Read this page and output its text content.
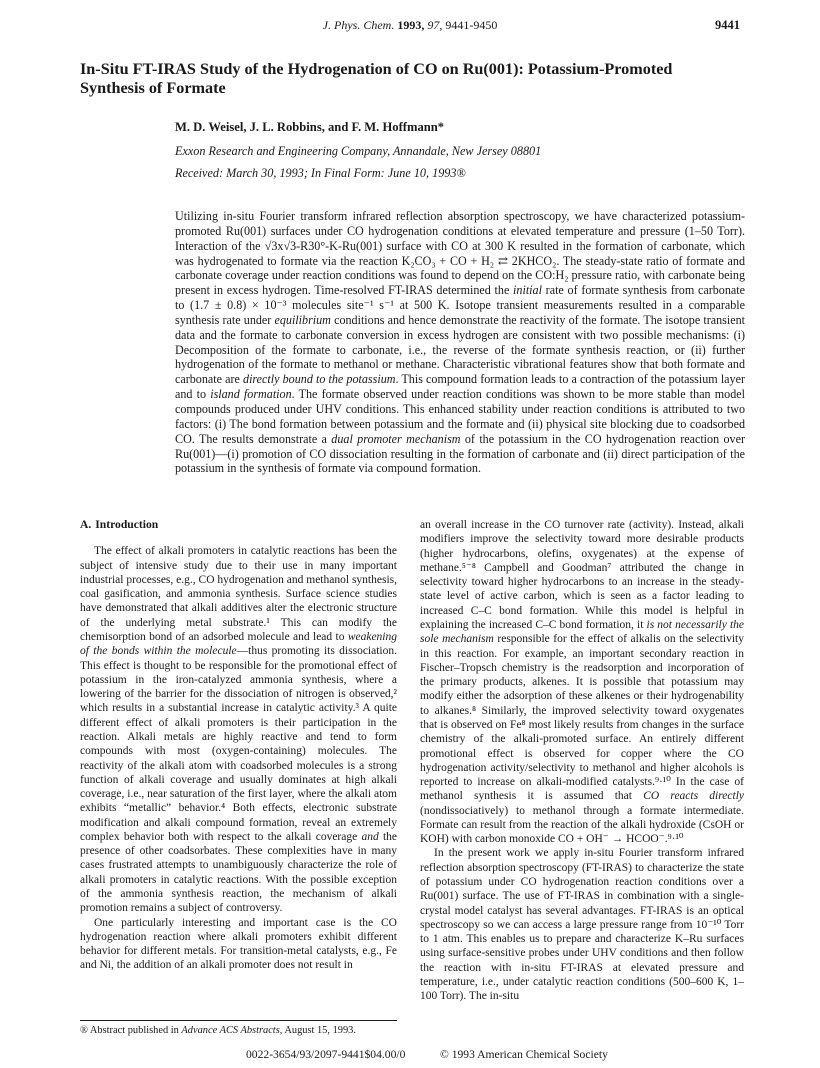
J. Phys. Chem. 1993, 97, 9441-9450	9441
In-Situ FT-IRAS Study of the Hydrogenation of CO on Ru(001): Potassium-Promoted Synthesis of Formate
M. D. Weisel, J. L. Robbins, and F. M. Hoffmann*
Exxon Research and Engineering Company, Annandale, New Jersey 08801
Received: March 30, 1993; In Final Form: June 10, 1993®

Utilizing in-situ Fourier transform infrared reflection absorption spectroscopy, we have characterized potassium-promoted Ru(001) surfaces under CO hydrogenation conditions at elevated temperature and pressure (1–50 Torr). Interaction of the √3x√3-R30°-K-Ru(001) surface with CO at 300 K resulted in the formation of carbonate, which was hydrogenated to formate via the reaction K₂CO₃ + CO + H₂ ⇄ 2KHCO₂. The steady-state ratio of formate and carbonate coverage under reaction conditions was found to depend on the CO:H₂ pressure ratio, with carbonate being present in excess hydrogen. Time-resolved FT-IRAS determined the initial rate of formate synthesis from carbonate to (1.7 ± 0.8) × 10⁻³ molecules site⁻¹ s⁻¹ at 500 K. Isotope transient measurements resulted in a comparable synthesis rate under equilibrium conditions and hence demonstrate the reactivity of the formate. The isotope transient data and the formate to carbonate conversion in excess hydrogen are consistent with two possible mechanisms: (i) Decomposition of the formate to carbonate, i.e., the reverse of the formate synthesis reaction, or (ii) further hydrogenation of the formate to methanol or methane. Characteristic vibrational features show that both formate and carbonate are directly bound to the potassium. This compound formation leads to a contraction of the potassium layer and to island formation. The formate observed under reaction conditions was shown to be more stable than model compounds produced under UHV conditions. This enhanced stability under reaction conditions is attributed to two factors: (i) The bond formation between potassium and the formate and (ii) physical site blocking due to coadsorbed CO. The results demonstrate a dual promoter mechanism of the potassium in the CO hydrogenation reaction over Ru(001)—(i) promotion of CO dissociation resulting in the formation of carbonate and (ii) direct participation of the potassium in the synthesis of formate via compound formation.

A. Introduction

The effect of alkali promoters in catalytic reactions has been the subject of intensive study due to their use in many important industrial processes, e.g., CO hydrogenation and methanol synthesis, coal gasification, and ammonia synthesis. Surface science studies have demonstrated that alkali additives alter the electronic structure of the underlying metal substrate.¹ This can modify the chemisorption bond of an adsorbed molecule and lead to weakening of the bonds within the molecule—thus promoting its dissociation. This effect is thought to be responsible for the promotional effect of potassium in the iron-catalyzed ammonia synthesis, where a lowering of the barrier for the dissociation of nitrogen is observed,² which results in a substantial increase in catalytic activity.³ A quite different effect of alkali promoters is their participation in the reaction. Alkali metals are highly reactive and tend to form compounds with most (oxygen-containing) molecules. The reactivity of the alkali atom with coadsorbed molecules is a strong function of alkali coverage and usually dominates at high alkali coverage, i.e., near saturation of the first layer, where the alkali atom exhibits “metallic” behavior.⁴ Both effects, electronic substrate modification and alkali compound formation, reveal an extremely complex behavior both with respect to the alkali coverage and the presence of other coadsorbates. These complexities have in many cases frustrated attempts to unambiguously characterize the role of alkali promoters in catalytic reactions. With the possible exception of the ammonia synthesis reaction, the mechanism of alkali promotion remains a subject of controversy.

One particularly interesting and important case is the CO hydrogenation reaction where alkali promoters exhibit different behavior for different metals. For transition-metal catalysts, e.g., Fe and Ni, the addition of an alkali promoter does not result in

an overall increase in the CO turnover rate (activity). Instead, alkali modifiers improve the selectivity toward more desirable products (higher hydrocarbons, olefins, oxygenates) at the expense of methane.⁵⁻⁸ Campbell and Goodman⁷ attributed the change in selectivity toward higher hydrocarbons to an increase in the steady-state level of active carbon, which is seen as a factor leading to increased C–C bond formation. While this model is helpful in explaining the increased C–C bond formation, it is not necessarily the sole mechanism responsible for the effect of alkalis on the selectivity in this reaction. For example, an important secondary reaction in Fischer–Tropsch chemistry is the readsorption and incorporation of the primary products, alkenes. It is possible that potassium may modify either the adsorption of these alkenes or their hydrogenability to alkanes.⁸ Similarly, the improved selectivity toward oxygenates that is observed on Fe⁸ most likely results from changes in the surface chemistry of the alkali-promoted surface. An entirely different promotional effect is observed for copper where the CO hydrogenation activity/selectivity to methanol and higher alcohols is reported to increase on alkali-modified catalysts.⁹·¹⁰ In the case of methanol synthesis it is assumed that CO reacts directly (nondissociatively) to methanol through a formate intermediate. Formate can result from the reaction of the alkali hydroxide (CsOH or KOH) with carbon monoxide CO + OH⁻ → HCOO⁻.⁹·¹⁰

In the present work we apply in-situ Fourier transform infrared reflection absorption spectroscopy (FT-IRAS) to characterize the state of potassium under CO hydrogenation reaction conditions over a Ru(001) surface. The use of FT-IRAS in combination with a single-crystal model catalyst has several advantages. FT-IRAS is an optical spectroscopy so we can access a large pressure range from 10⁻¹⁰ Torr to 1 atm. This enables us to prepare and characterize K–Ru surfaces using surface-sensitive probes under UHV conditions and then follow the reaction with in-situ FT-IRAS at elevated pressure and temperature, i.e., under catalytic reaction conditions (500–600 K, 1–100 Torr). The in-situ

® Abstract published in Advance ACS Abstracts, August 15, 1993.
0022-3654/93/2097-9441$04.00/0	© 1993 American Chemical Society
